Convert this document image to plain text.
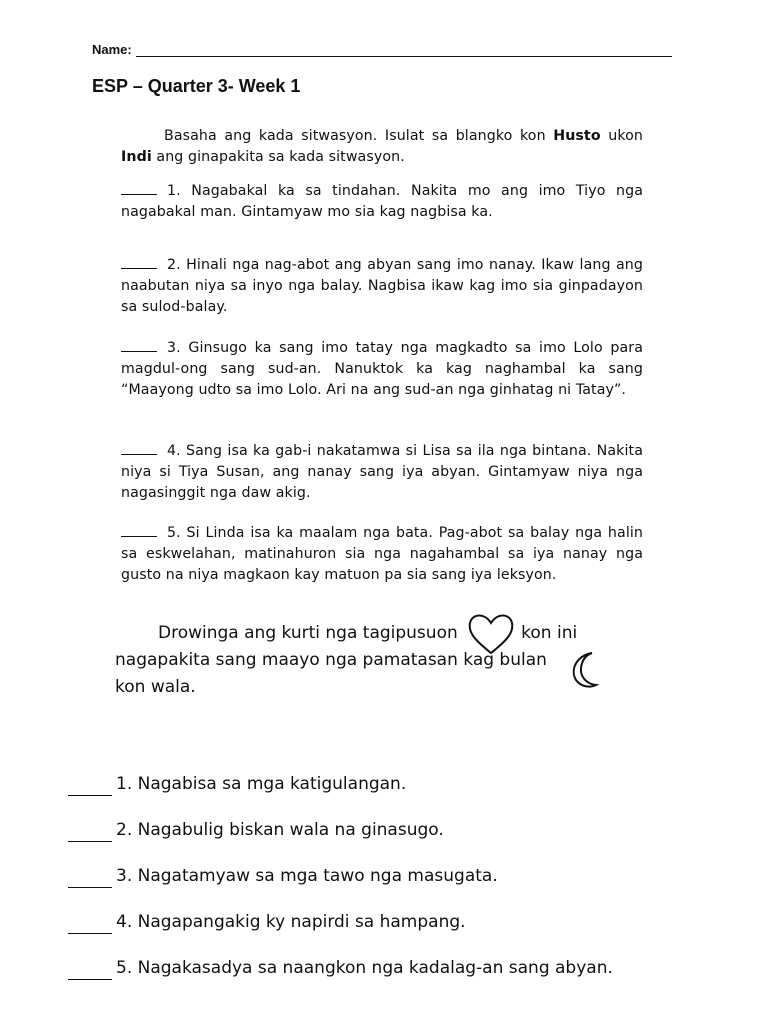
Name:
ESP – Quarter 3- Week 1
Basaha ang kada sitwasyon. Isulat sa blangko kon Husto ukon Indi ang ginapakita sa kada sitwasyon.
1. Nagabakal ka sa tindahan. Nakita mo ang imo Tiyo nga nagabakal man. Gintamyaw mo sia kag nagbisa ka.
2. Hinali nga nag-abot ang abyan sang imo nanay. Ikaw lang ang naabutan niya sa inyo nga balay. Nagbisa ikaw kag imo sia ginpadayon sa sulod-balay.
3. Ginsugo ka sang imo tatay nga magkadto sa imo Lolo para magdul-ong sang sud-an. Nanuktok ka kag naghambal ka sang “Maayong udto sa imo Lolo. Ari na ang sud-an nga ginhatag ni Tatay”.
4. Sang isa ka gab-i nakatamwa si Lisa sa ila nga bintana. Nakita niya si Tiya Susan, ang nanay sang iya abyan. Gintamyaw niya nga nagasinggit nga daw akig.
5. Si Linda isa ka maalam nga bata. Pag-abot sa balay nga halin sa eskwelahan, matinahuron sia nga nagahambal sa iya nanay nga gusto na niya magkaon kay matuon pa sia sang iya leksyon.
Drowinga ang kurti nga tagipusuon	kon ini nagapakita sang maayo nga pamatasan kag bulan
kon wala.
1. Nagabisa sa mga katigulangan.
2. Nagabulig biskan wala na ginasugo.
3. Nagatamyaw sa mga tawo nga masugata.
4. Nagapangakig ky napirdi sa hampang.
5. Nagakasadya sa naangkon nga kadalag-an sang abyan.
